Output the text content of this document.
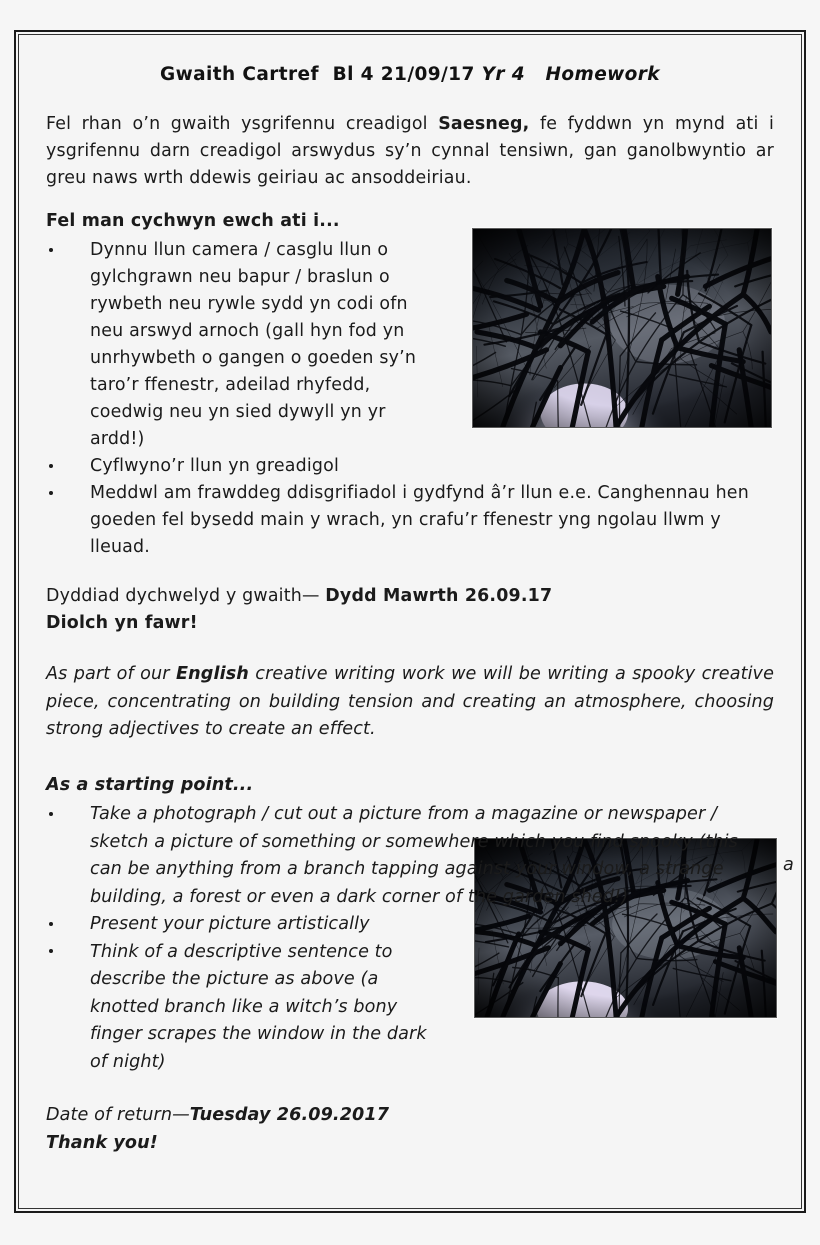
a
Gwaith Cartref  Bl 4 21/09/17 Yr 4   Homework

Fel rhan o’n gwaith ysgrifennu creadigol Saesneg, fe fyddwn yn mynd ati i ysgrifennu darn creadigol arswydus sy’n cynnal tensiwn, gan ganolbwyntio ar greu naws wrth ddewis geiriau ac ansoddeiriau.

Fel man cychwyn ewch ati i...

Dynnu llun camera / casglu llun o gylchgrawn neu bapur / braslun o rywbeth neu rywle sydd yn codi ofn neu arswyd arnoch (gall hyn fod yn unrhywbeth o gangen o goeden sy’n taro’r ffenestr, adeilad rhyfedd, coedwig neu yn sied dywyll yn yr ardd!)
Cyflwyno’r llun yn greadigol
Meddwl am frawddeg ddisgrifiadol i gydfynd â’r llun e.e. Canghennau hen goeden fel bysedd main y wrach, yn crafu’r ffenestr yng ngolau llwm y lleuad.

Dyddiad dychwelyd y gwaith— Dydd Mawrth 26.09.17

Diolch yn fawr!

As part of our English creative writing work we will be writing a spooky creative piece, concentrating on building tension and creating an atmosphere, choosing strong adjectives to create an effect.

As a starting point...

Take a photograph / cut out a picture from a magazine or newspaper / sketch a picture of something or somewhere which you find spooky (this can be anything from a branch tapping against your window, a strange building, a forest or even a dark corner of the garden shed!)
Present your picture artistically
Think of a descriptive sentence to describe the picture as above (a knotted branch like a witch’s bony finger scrapes the window in the dark of night)

Date of return—Tuesday 26.09.2017

Thank you!
